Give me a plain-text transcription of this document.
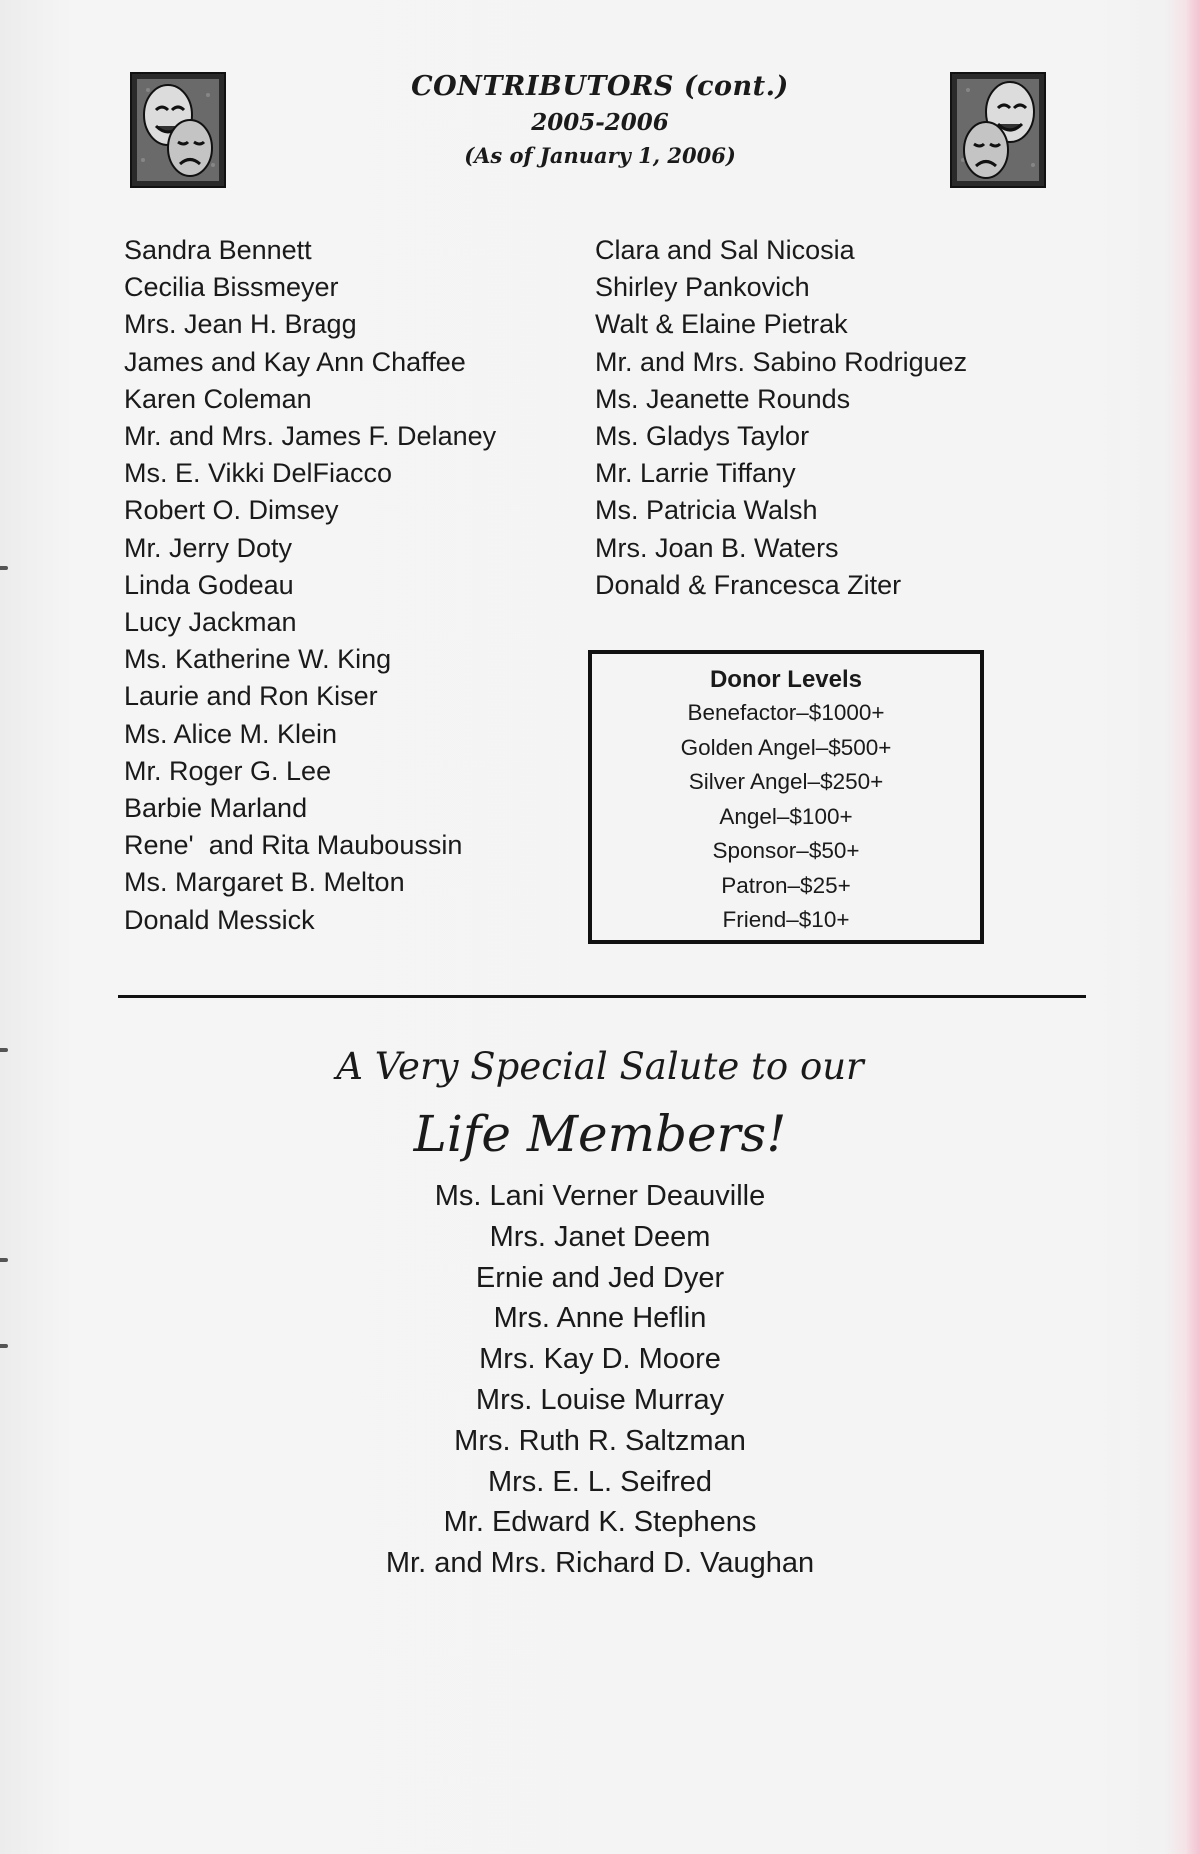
CONTRIBUTORS (cont.)
2005-2006
(As of January 1, 2006)
Sandra Bennett
Cecilia Bissmeyer
Mrs. Jean H. Bragg
James and Kay Ann Chaffee
Karen Coleman
Mr. and Mrs. James F. Delaney
Ms. E. Vikki DelFiacco
Robert O. Dimsey
Mr. Jerry Doty
Linda Godeau
Lucy Jackman
Ms. Katherine W. King
Laurie and Ron Kiser
Ms. Alice M. Klein
Mr. Roger G. Lee
Barbie Marland
Rene'  and Rita Mauboussin
Ms. Margaret B. Melton
Donald Messick
Clara and Sal Nicosia
Shirley Pankovich
Walt & Elaine Pietrak
Mr. and Mrs. Sabino Rodriguez
Ms. Jeanette Rounds
Ms. Gladys Taylor
Mr. Larrie Tiffany
Ms. Patricia Walsh
Mrs. Joan B. Waters
Donald & Francesca Ziter
Donor Levels
Benefactor–$1000+
Golden Angel–$500+
Silver Angel–$250+
Angel–$100+
Sponsor–$50+
Patron–$25+
Friend–$10+
A Very Special Salute to our
Life Members!
Ms. Lani Verner Deauville
Mrs. Janet Deem
Ernie and Jed Dyer
Mrs. Anne Heflin
Mrs. Kay D. Moore
Mrs. Louise Murray
Mrs. Ruth R. Saltzman
Mrs. E. L. Seifred
Mr. Edward K. Stephens
Mr. and Mrs. Richard D. Vaughan
